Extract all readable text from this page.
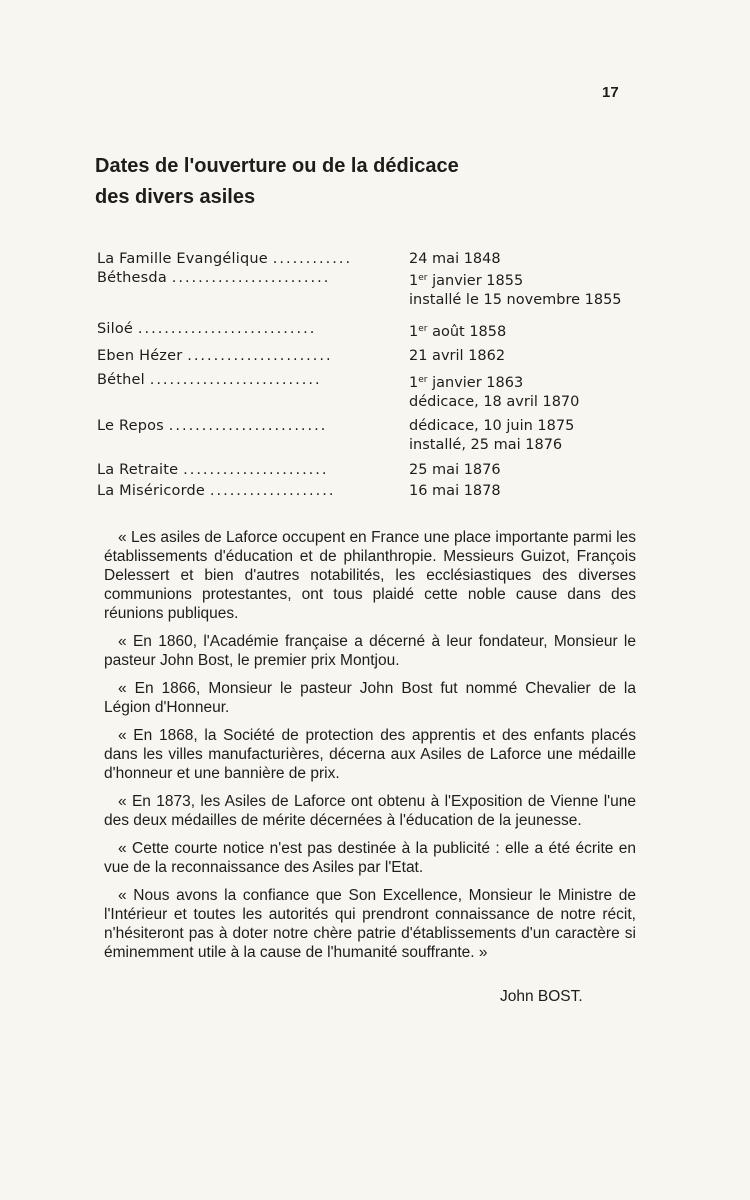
17
Dates de l'ouverture ou de la dédicace
des divers asiles
La Famille Evangélique ............	24 mai 1848
Béthesda ........................	1er janvier 1855
installé le 15 novembre 1855
Siloé ...........................	1er août 1858
Eben Hézer ......................	21 avril 1862
Béthel ..........................	1er janvier 1863
dédicace, 18 avril 1870
Le Repos ........................	dédicace, 10 juin 1875
installé, 25 mai 1876
La Retraite ......................	25 mai 1876
La Miséricorde ...................	16 mai 1878

« Les asiles de Laforce occupent en France une place importante parmi les établissements d'éducation et de philanthropie. Messieurs Guizot, François Delessert et bien d'autres notabilités, les ecclésiastiques des diverses communions protestantes, ont tous plaidé cette noble cause dans des réunions publiques.

« En 1860, l'Académie française a décerné à leur fondateur, Monsieur le pasteur John Bost, le premier prix Montjou.

« En 1866, Monsieur le pasteur John Bost fut nommé Chevalier de la Légion d'Honneur.

« En 1868, la Société de protection des apprentis et des enfants placés dans les villes manufacturières, décerna aux Asiles de Laforce une médaille d'honneur et une bannière de prix.

« En 1873, les Asiles de Laforce ont obtenu à l'Exposition de Vienne l'une des deux médailles de mérite décernées à l'éducation de la jeunesse.

« Cette courte notice n'est pas destinée à la publicité : elle a été écrite en vue de la reconnaissance des Asiles par l'Etat.

« Nous avons la confiance que Son Excellence, Monsieur le Ministre de l'Intérieur et toutes les autorités qui prendront connaissance de notre récit, n'hésiteront pas à doter notre chère patrie d'établissements d'un caractère si éminemment utile à la cause de l'humanité souffrante. »

John BOST.
